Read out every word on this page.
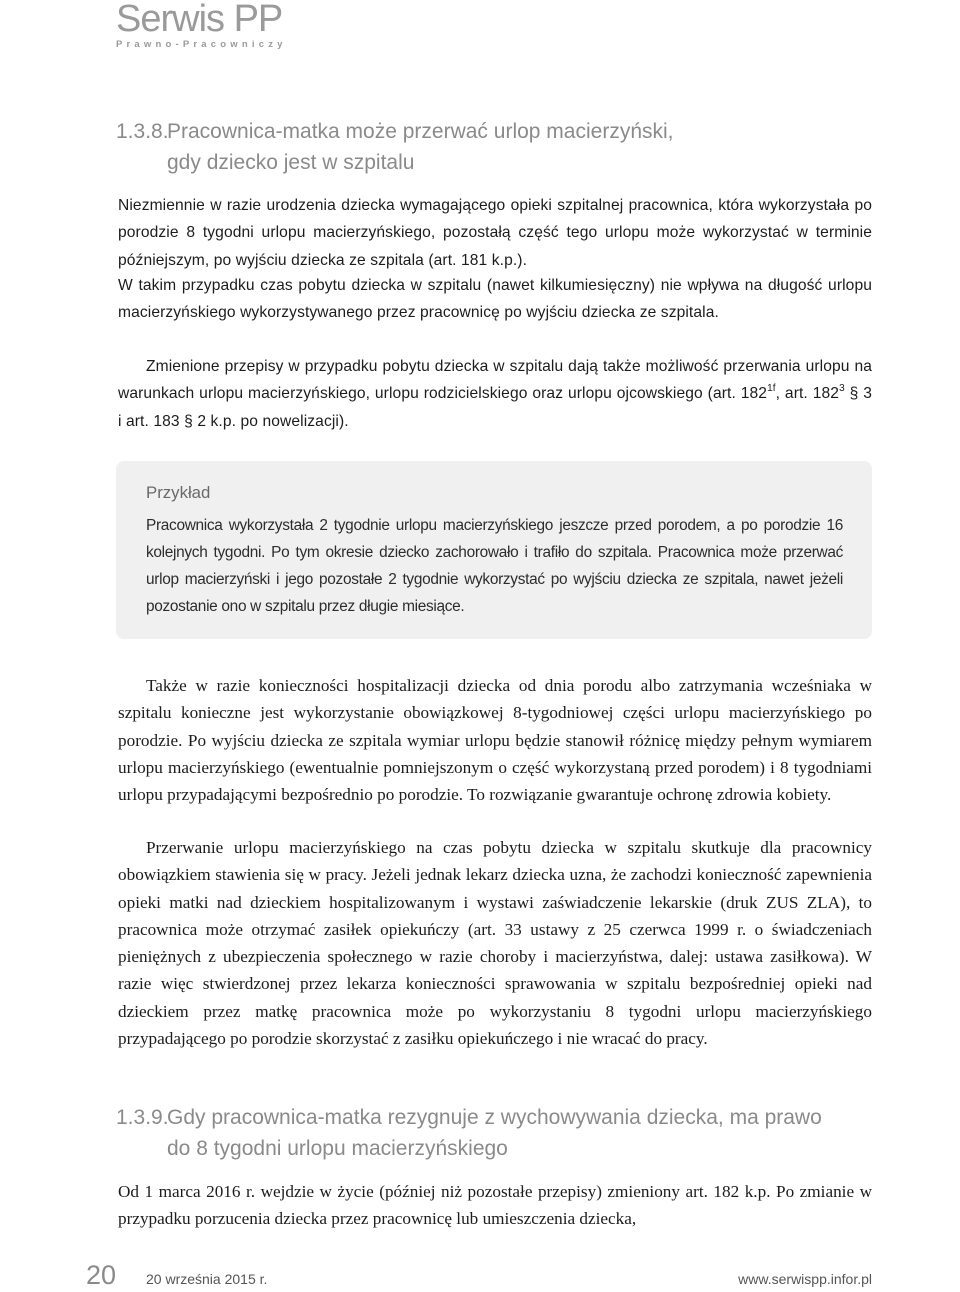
Serwis PP
Prawno-Pracowniczy
1.3.8.Pracownica-matka może przerwać urlop macierzyński,
gdy dziecko jest w szpitalu

Niezmiennie w razie urodzenia dziecka wymagającego opieki szpitalnej pracownica, która wykorzystała po porodzie 8 tygodni urlopu macierzyńskiego, pozostałą część tego urlopu może wykorzystać w terminie późniejszym, po wyjściu dziecka ze szpitala (art. 181 k.p.).

W takim przypadku czas pobytu dziecka w szpitalu (nawet kilkumiesięczny) nie wpływa na długość urlopu macierzyńskiego wykorzystywanego przez pracownicę po wyjściu dziecka ze szpitala.

Zmienione przepisy w przypadku pobytu dziecka w szpitalu dają także możliwość przerwania urlopu na warunkach urlopu macierzyńskiego, urlopu rodzicielskiego oraz urlopu ojcowskiego (art. $182^{1f}$, art. $182^3$ § 3 i art. 183 § 2 k.p. po nowelizacji).

Przykład

Pracownica wykorzystała 2 tygodnie urlopu macierzyńskiego jeszcze przed porodem, a po porodzie 16 kolejnych tygodni. Po tym okresie dziecko zachorowało i trafiło do szpitala. Pracownica może przerwać urlop macierzyński i jego pozostałe 2 tygodnie wykorzystać po wyjściu dziecka ze szpitala, nawet jeżeli pozostanie ono w szpitalu przez długie miesiące.

Także w razie konieczności hospitalizacji dziecka od dnia porodu albo zatrzymania wcześniaka w szpitalu konieczne jest wykorzystanie obowiązkowej 8-tygodniowej części urlopu macierzyńskiego po porodzie. Po wyjściu dziecka ze szpitala wymiar urlopu będzie stanowił różnicę między pełnym wymiarem urlopu macierzyńskiego (ewentualnie pomniejszonym o część wykorzystaną przed porodem) i 8 tygodniami urlopu przypadającymi bezpośrednio po porodzie. To rozwiązanie gwarantuje ochronę zdrowia kobiety.

Przerwanie urlopu macierzyńskiego na czas pobytu dziecka w szpitalu skutkuje dla pracownicy obowiązkiem stawienia się w pracy. Jeżeli jednak lekarz dziecka uzna, że zachodzi konieczność zapewnienia opieki matki nad dzieckiem hospitalizowanym i wystawi zaświadczenie lekarskie (druk ZUS ZLA), to pracownica może otrzymać zasiłek opiekuńczy (art. 33 ustawy z 25 czerwca 1999 r. o świadczeniach pieniężnych z ubezpieczenia społecznego w razie choroby i macierzyństwa, dalej: ustawa zasiłkowa). W razie więc stwierdzonej przez lekarza konieczności sprawowania w szpitalu bezpośredniej opieki nad dzieckiem przez matkę pracownica może po wykorzystaniu 8 tygodni urlopu macierzyńskiego przypadającego po porodzie skorzystać z zasiłku opiekuńczego i nie wracać do pracy.

1.3.9.Gdy pracownica-matka rezygnuje z wychowywania dziecka, ma prawo
do 8 tygodni urlopu macierzyńskiego

Od 1 marca 2016 r. wejdzie w życie (później niż pozostałe przepisy) zmieniony art. 182 k.p. Po zmianie w przypadku porzucenia dziecka przez pracownicę lub umieszczenia dziecka,

20 20 września 2015 r.	www.serwispp.infor.pl
